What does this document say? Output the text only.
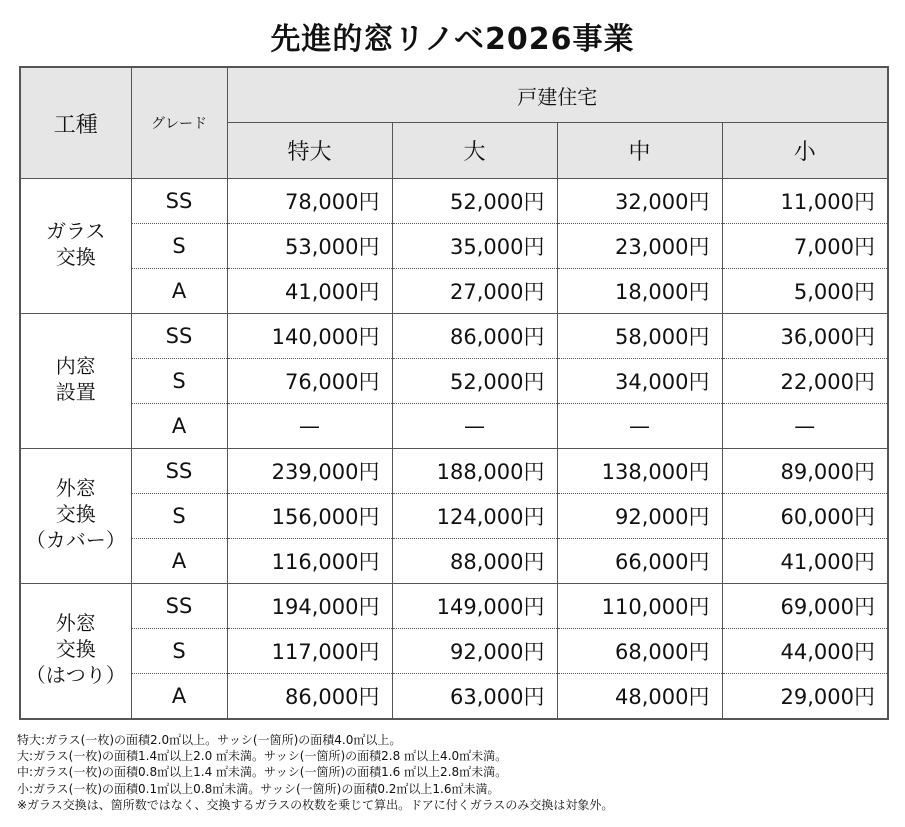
先進的窓リノベ2026事業
工種	グレード	戸建住宅			
		特大	大	中	小

ガラス
交換	SS	78,000円	52,000円	32,000円	11,000円
	S	53,000円	35,000円	23,000円	7,000円
	A	41,000円	27,000円	18,000円	5,000円

内窓
設置	SS	140,000円	86,000円	58,000円	36,000円
	S	76,000円	52,000円	34,000円	22,000円
	A	—	—	—	—

外窓
交換
（カバー）	SS	239,000円	188,000円	138,000円	89,000円
	S	156,000円	124,000円	92,000円	60,000円
	A	116,000円	88,000円	66,000円	41,000円

外窓
交換
（はつり）	SS	194,000円	149,000円	110,000円	69,000円
	S	117,000円	92,000円	68,000円	44,000円
	A	86,000円	63,000円	48,000円	29,000円
特大:ガラス(一枚)の面積2.0㎡以上。サッシ(一箇所)の面積4.0㎡以上。
大:ガラス(一枚)の面積1.4㎡以上2.0 ㎡未満。サッシ(一箇所)の面積2.8 ㎡以上4.0㎡未満。
中:ガラス(一枚)の面積0.8㎡以上1.4 ㎡未満。サッシ(一箇所)の面積1.6 ㎡以上2.8㎡未満。
小:ガラス(一枚)の面積0.1㎡以上0.8㎡未満。サッシ(一箇所)の面積0.2㎡以上1.6㎡未満。
※ガラス交換は、箇所数ではなく、交換するガラスの枚数を乗じて算出。ドアに付くガラスのみ交換は対象外。
